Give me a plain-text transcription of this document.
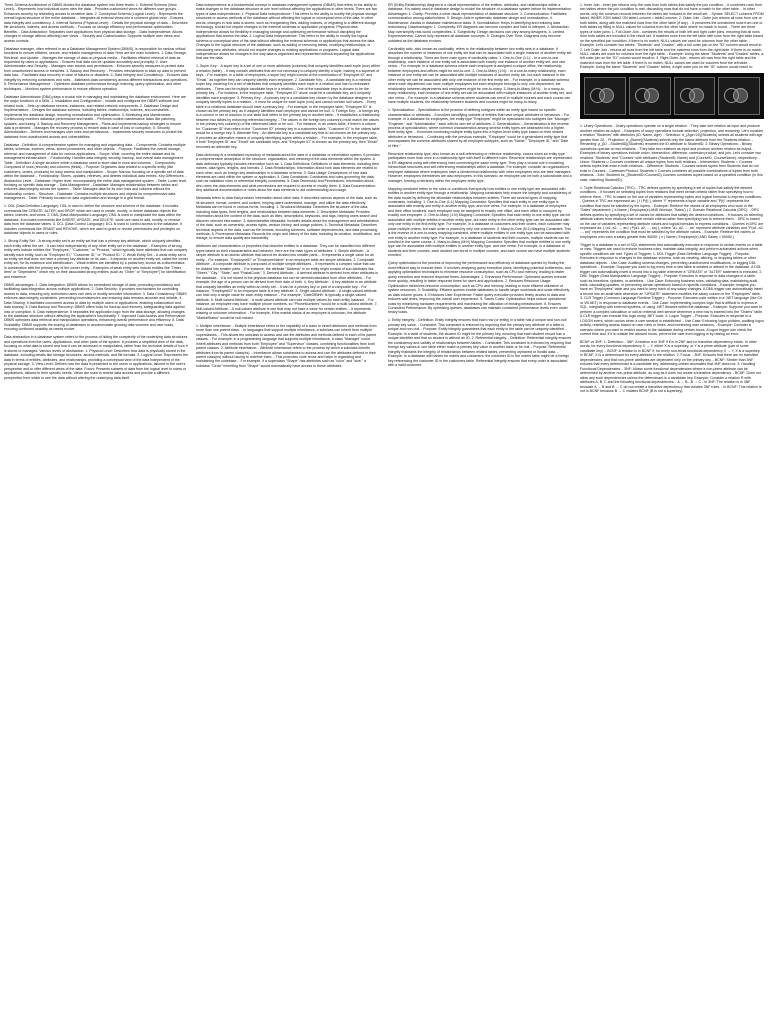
Three-Schema Architecture of DBMS divides the database system into three levels: 1. External Schema (View Level): - Represents how individual users view the data. - Provides customized views for different user groups. - Enhances security by restricting access to sensitive data. 2. Conceptual Schema (Logical Level): - Represents the overall logical structure of the entire database. - Integrates all external views into a coherent global view. - Ensures data integrity and consistency. 3. Internal Schema (Physical Level): - Details the physical storage of data. - Describes file structures, indexes, and access methods. - Focuses on storage efficiency and performance optimization. Benefits: - Data Abstraction: Separates user applications from physical data storage. - Data Independence: Allows changes in storage without affecting user views. - Security and Customization: Supports multiple user views and access controls.

Database manager, often referred to as a Database Management System (DBMS), is responsible for various critical functions to ensure efficient, secure, and reliable management of data. Here are the main functions: 1. Data Storage, Retrieval, and Update: - Manages the storage of data on physical media. - Facilitates efficient retrieval of data as requested by users or applications. - Ensures that data can be updated accurately and promptly. 2. User Administration and Security: - Manages user access and permissions. - Enforces security measures to protect data from unauthorized access or breaches. 3. Backup and Recovery: - Provides mechanisms to back up data to prevent data loss. - Facilitates data recovery in case of failures or disasters. 4. Data Integrity and Consistency: - Ensures data integrity by enforcing constraints and rules. - Maintains data consistency across different transactions and operations. 5. Performance Management: - Optimizes database performance through indexing, query optimization, and other techniques. - Monitors system performance to ensure efficient operation.

Database Administrator (DBA) plays a crucial role in managing and maintaining the database environment. Here are the major functions of a DBA: 1. Installation and Configuration: - Installs and configures the DBMS software and related tools. - Sets up database servers, instances, and related network components. 2. Database Design and Implementation: - Designs the database schema, including tables, relationships, indexes, and constraints. - Implements the database design, ensuring normalization and optimization. 3. Monitoring and Maintenance: - Continuously monitors database performance and health. - Performs routine maintenance tasks like patching, updates, and tuning. 4. Backup and Recovery Management: - Plans and implements backup strategies to ensure data is protected. - Manages the recovery process to restore data in case of loss or corruption. 5. Security Administration: - Defines and manages user roles and permissions. - Implements security measures to protect the database from unauthorized access and vulnerabilities.

Database - Definition: A comprehensive system for managing and organizing data. - Components: Contains multiple tables, schemas, indexes, views, stored procedures, and other objects. - Purpose: Facilitates the overall storage, retrieval, and management of data for various applications. - Scope: Wide, covering the entire dataset and its management infrastructure. - Functionality: Handles data integrity, security, backup, and overall data management. Table - Definition: A single structure within a database used to store data in rows and columns. - Components: Composed of rows (records) and columns (fields). - Purpose: Organizes data related to a specific entity (like customers, orders, products) for easy access and manipulation. - Scope: Narrow, focusing on a specific set of data within the database. - Functionality: Stores, updates, retrieves, and deletes individual data entries. Key Differences: - Abstraction Level: - Database: Higher level, encompassing the entire data management system. - Table: Lower level, focusing on specific data storage. - Data Management: - Database: Manages relationships between tables and enforces data integrity across the system. - Table: Manages data for its own rows and columns without the relationship context. - Structure: - Database: Contains multiple structures and objects for comprehensive data management. - Table: Primarily focused on data organization and storage in a grid format.

1. DDL (Data Definition Language): DDL is used to define the structure and schema of the database. It includes commands like CREATE, ALTER, and DROP, which are used to create, modify, or delete database objects like tables, indexes, and views. 2. DML (Data Manipulation Language): DML is used to manipulate the data within the database. It includes commands like INSERT, UPDATE, and DELETE, which are used to add, modify, or remove data from the database tables. 3. DCL (Data Control Language): DCL is used to control access to the database. It includes commands like GRANT and REVOKE, which are used to grant or revoke permissions and privileges on database objects to users or roles.

1. Strong Entity Set: - A strong entity set is an entity set that has a primary key attribute, which uniquely identifies each entity within the set. - It can exist independently of any other entity set in the database. - Examples of strong entity sets include entities like "Employee," "Customer," or "Product," which typically have attributes that can uniquely identify each entity, such as "Employee ID," "Customer ID," or "Product ID." 2. Weak Entity Set: - A weak entity set is an entity set that does not have a primary key attribute on its own. - It depends on another entity set, called the owner entity set, for its existence and identification. - Weak entities are identified by a partial key, known as a discriminator, in combination with the primary key of the owner entity. - Examples of weak entity sets include entities like "Order Item" or "Dependent," which rely on their associated strong entities (such as "Order" or "Employee") for identification and existence.

DBMS advantages: 1. Data Integration: DBMS allows for centralized storage of data, promoting consistency and facilitating data integration across multiple applications. 2. Data Security: It provides mechanisms for controlling access to data, ensuring only authorized users can view or modify sensitive information. 3. Data Consistency: DBMS enforces data integrity constraints, preventing inconsistencies and ensuring data remains accurate and reliable. 4. Data Sharing: It facilitates concurrent access to data by multiple users or applications, enabling collaboration and data sharing. 5. Data Backup and Recovery: DBMS offers tools for backup and recovery, safeguarding data against loss or corruption. 6. Data Independence: It separates the application logic from the data storage, allowing changes to the database structure without affecting the application's functionality. 7. Improved Data Access and Performance: DBMS optimizes data retrieval and manipulation operations, enhancing overall performance and efficiency. 8. Data Scalability: DBMS supports the scaling of databases to accommodate growing data volumes and user loads, ensuring continued usability as needs evolve.

Data abstraction in a database system refers to the process of hiding the complexity of the underlying data structures and operations from the users, applications, and other parts of the system. It provides a simplified view of the data, focusing on what data is stored and how it can be accessed or manipulated, rather than the technical details of how it is stored or managed. Various levels of abstraction: 1. Physical Level: Describes how data is physically stored in the database, including details like storage structures, access methods, and file formats. 2. Logical Level: Represents the data in terms of entities, attributes, and relationships, providing a conceptual view of the data independent of the physical storage. 3. View Level: Defines how the data is presented to the users or applications, tailored to the user's perspective and to offer different views of the data. Focus: Presents subsets of data from the logical level to users or applications, tailored to their specific needs. Views are used to restrict data access and provide a different perspective from which to see the data without altering the underlying data itself.

Data independence is a fundamental concept in database management systems (DBMS) that refers to the ability to make changes to the database structure at one level without affecting the applications in other levels. There are two types of data independence: 1. Physical Data Independence: This refers to the ability to modify the physical storage structures or access methods of the database without affecting the logical or conceptual view of the data. In other words, changes in how data is stored, such as reorganizing files, adding indexes, or migrating to a different storage technology, should not require changes to the external schemas or application programs. Physical data independence allows for flexibility in managing storage and optimizing performance without disrupting the applications that access the data. 2. Logical Data Independence: This refers to the ability to modify the logical schema or conceptual view of the data without affecting the external schemas or applications that access the data. Changes to the logical structure of the database, such as adding or removing tables, modifying relationships, or introducing new attributes, should not require changes to existing applications or programs. Logical data independence allows for changes in the way data is organized and represented without impacting the applications that use the data.

1. Super Key: - A super key is a set of one or more attributes (columns) that uniquely identifies each tuple (row) within a relation (table). - It may contain attributes that are not necessary to uniquely identify a tuple, making it a superset of keys. - For example, in a table of employees, a super key might consist of the combination of "Employee ID" and "Email," as together they can uniquely identify each employee. 2. Candidate Key: - A candidate key is a minimal super key, meaning it is a set of attributes that uniquely identifies each tuple in a relation and has no redundant attributes. - There can be multiple candidate keys in a relation. - One of the candidate keys is chosen to be the primary key. - For instance, in the employee table, "Employee ID" alone could be a candidate key, as it uniquely identifies each employee. 3. Primary Key: - A primary key is a candidate key chosen by the database designer to uniquely identify tuples in a relation. - It must be unique for each tuple (row) and cannot contain null values. - Every table in a relational database should have a primary key. - For example, in the employee table, "Employee ID" is chosen as the primary key, as it uniquely identifies each employee and cannot be null. 4. Foreign Key: - A foreign key is a column or set of columns in one table that refers to the primary key in another table. - It establishes a relationship between two tables by enforcing referential integrity. - The values in the foreign key column(s) must match the values in the primary key column(s) of the referenced table or be null. - For instance, in an orders table, if there's a column for "Customer ID" that refers to the "Customer ID" primary key in a customers table, "Customer ID" in the orders table would be a foreign key. 5. Alternate Key: - An alternate key is a candidate key that is not chosen as the primary key. - It provides an alternative means of uniquely identifying tuples within a relation. - For example, in the employee table, if both "Employee ID" and "Email" are candidate keys, and "Employee ID" is chosen as the primary key, then "Email" becomes an alternate key.

Data dictionary is a centralized repository of metadata about the data in a database or information system. It provides a comprehensive description of the structure, organization, and meaning of the data elements within the system. A data dictionary typically includes information such as: 1. Data Definitions: Definitions of data elements, including their names, data types, lengths, and formats. 2. Data Relationships: Information about how data elements are related to each other, such as foreign key relationships in a database schema. 3. Data Usage: Descriptions of how data elements are used within the system or application. 4. Data Constraints: Constraints and rules governing the data, such as validation rules or referential integrity constraints. 5. Data Ownership and Permissions: Information about who owns the data elements and what permissions are required to access or modify them. 6. Data Documentation: Any additional documentation or notes about the data elements to aid understanding and usage.

Metadata refers to data that provides information about other data. It describes various aspects of the data, such as its structure, format, content, and context, helping users understand, manage, and utilize the data effectively. Metadata can be found in various forms, including: 1. Structural Metadata: Describes the structure of the data, including data types, field lengths, and relationships between data elements. 2. Descriptive Metadata: Provides information about the content of the data, such as titles, descriptions, keywords, and tags, helping users search and discover relevant information. 3. Administrative Metadata: Includes details about the management and administration of the data, such as ownership, access rights, version history, and usage policies. 4. Technical Metadata: Describes technical aspects of the data, such as file formats, encoding schemes, software dependencies, and data processing methods. 5. Provenance Metadata: Records the origin and history of the data, including its creation, modification, and lineage, to ensure data quality and traceability.

Attributes are characteristics or properties that describe entities in a database. They can be classified into different types based on their characteristics and behavior. Here are the main types of attributes: 1. Simple Attribute: - A simple attribute is an atomic attribute that cannot be divided into smaller parts. - It represents a single value for an entity. - For example, "EmployeeID" or "EmployeeName" in an employee table are simple attributes. 2. Composite Attribute: - A composite attribute is composed of multiple simple attributes. - It represents a complex value that can be divided into smaller parts. - For instance, the attribute "Address" in an entity might consist of sub-attributes like "Street," "City," "State," and "PostalCode." 3. Derived Attribute: - A derived attribute is derived from other attributes in the database. - It is not stored in the physical database but can be derived/calculated from other attributes. - For example, the age of a person can be derived from their date of birth. 4. Key Attribute: - A key attribute is an attribute that uniquely identifies an entity within an entity set. - It can be a primary key or part of a composite key. - For instance, "EmployeeID" in an employee table is a key attribute. 5. Single-valued Attribute: - A single-valued attribute can hold only a single value for each entity instance. - For example, "DateOfBirth" is typically a single-valued attribute. 6. Multi-valued Attribute: - A multi-valued attribute can hold multiple values for each entity instance. - For instance, an employee may have multiple phone numbers, so "PhoneNumbers" would be a multi-valued attribute. 7. Null-valued Attribute: - A null-valued attribute is one that may not have a value for certain entities. - It represents missing or unknown information. - For example, if the marital status of an employee is unknown, the attribute "MaritalStatus" would be null-valued.

1. Multiple inheritance: - Multiple inheritance refers to the capability of a class to inherit attributes and methods from more than one parent class. - In languages that support multiple inheritance, a subclass can inherit from multiple superclasses. - This allows the subclass to access and use the attributes and methods defined in each of its parent classes. - For example, in a programming language that supports multiple inheritance, a class "Manager" could inherit attributes and methods from both "Employee" and "Supervisor" classes, combining functionalities from both parent classes. 2. Attribute inheritance: - Attribute inheritance refers to the process by which a subclass inherits attributes from its parent class(es). - Inheritance allows subclasses to access and use the attributes defined in their parent class(es) without having to redefine them. - This promotes code reuse and helps in organizing and maintaining the codebase. - For example, if a superclass "Shape" has attributes such as "color" and "size," a subclass "Circle" inheriting from "Shape" would automatically have access to these attributes.

ER (Entity-Relationship) diagram is a visual representation of the entities, attributes, and relationships within a database. It is widely used in database design to model the structure of a database system before its implementation. Advantages: 1. Clarity: Provides a clear visual representation of database structure. 2. Communication: Facilitates communication among stakeholders. 3. Design: Aids in systematic database design and normalization. 4. Maintenance: Assists in database maintenance tasks. 5. Normalization: Helps in identifying and reducing data redundancy. Disadvantages: 1. Complexity: ER diagrams can become complex and hard to interpret. 2. Abstraction: May oversimplify real-world complexities. 3. Subjectivity: Design decisions can vary among designers. 4. Limited Expressiveness: Cannot fully represent all database concepts. 5. Changes Over Time: Diagrams may become outdated as the database evolves.

Cardinality ratio, also known as cardinality, refers to the relationship between two entity sets in a database. It describes the number of instances of one entity set that can be associated with a single instance of another entity set through a relationship. There are three main types of cardinality ratios: 1. One-to-One (1:1): - In a one-to-one relationship, each instance of one entity set is associated with exactly one instance of another entity set, and vice versa. - For example, in a database schema where each employee is assigned a unique office, the relationship between employees and offices might be one-to-one. 2. One-to-Many (1:N): - In a one-to-many relationship, each instance of one entity set can be associated with multiple instances of another entity set, but each instance in the other entity set can be associated with only one instance of the first entity set. - For example, in a database schema where each department can have multiple employees but each employee belongs to only one department, the relationship between departments and employees might be one-to-many. 3. Many-to-Many (M:N): - In a many-to-many relationship, each instance of one entity set can be associated with multiple instances of another entity set, and vice versa. - For example, in a database schema where students can enroll in multiple courses and each course can have multiple students, the relationship between students and courses might be many-to-many.

1. Specialization: - Specialization is the process of defining subtypes within an entity type based on specific characteristics or attributes. - It involves identifying subsets of entities that have unique attributes or behaviors. - For example, in a database for employees, the entity type "Employee" might be specialized into subtypes like "Manager," "Engineer," and "Administrator," each with its own set of attributes. 2. Generalization: - Generalization is the reverse process of specialization, where common characteristics among several entity types are abstracted into a higher-level entity type. - It involves combining multiple entity types into a higher-level entity type based on their shared attributes or behaviors. - Continuing with the previous example, "Employee" could be a generalized entity type that encompasses the common attributes shared by all employee subtypes, such as "Name," "Employee ID," and "Date of Hire."

Recursive relationship type, also known as a self-referencing or reflexive relationship, occurs when an entity type participates more than once in a relationship type with itself in different roles. Recursive relationships are represented in ER diagrams using self-referencing lines connecting the same entity type. They play a crucial role in modeling hierarchical structures and self-referencing relationships within a database. For example, consider an organization's employee database where employees have a hierarchical relationship with other employees who are their managers. However, employees themselves are also employees. In this scenario, an employee can be both a subordinate and a manager, forming a hierarchy within the employee entity type.

Mapping constraint refers to the rules or conditions that specify how entities in one entity type are associated with entities in another entity type through a relationship. Mapping constraints help ensure the integrity and consistency of the data model by defining the allowable relationships between entities. There are several types of mapping constraints, including: 1. One-to-One (1:1) Mapping Constraint: Specifies that each entity in one entity type is associated with exactly one entity in another entity type, and vice versa. For example, in a database of employees and their office locations, each employee may be assigned to exactly one office, and each office is occupied by exactly one employee. 2. One-to-Many (1:N) Mapping Constraint: Specifies that each entity in one entity type can be associated with multiple entities in another entity type, but each entity in the other entity type can be associated with only one entity in the first entity type. For example, in a database of customers and their orders, each customer may place multiple orders, but each order is placed by only one customer. 3. Many-to-One (N:1) Mapping Constraint: This is the reverse of a one-to-many mapping constraint, where multiple entities in one entity type can be associated with one entity in another entity type. For example, in a database of students and their courses, multiple students can be enrolled in the same course. 4. Many-to-Many (M:N) Mapping Constraint: Specifies that multiple entities in one entity type can be associated with multiple entities in another entity type, and vice versa. For example, in a database of students and their courses, each student can enroll in multiple courses, and each course can have multiple students enrolled.

Query optimization is the process of improving the performance and efficiency of database queries by finding the most efficient way to execute them. It involves analyzing query execution plans, identifying potential bottlenecks, and applying optimization techniques to minimize resource consumption, such as CPU and memory, leading to faster query execution and reduced response times. Advantages: 1. Enhanced Performance: Optimized queries execute more quickly, resulting in faster response times for users and applications. 2. Reduces Resource Usage: Optimization minimizes resource consumption, such as CPU and memory, leading to more efficient utilization of system resources. 3. Scalability: Efficient queries enable databases to handle larger workloads and scale effectively as data volume grows. 4. Enhances User Experience: Faster query execution provides timely access to data and reduces wait times, improving the overall user experience. 5. Saves Costs: Optimization helps reduce operational costs by minimizing hardware requirements and maximizing the utilization of existing infrastructure. 6. Ensures Consistent Performance: By optimizing queries, databases can maintain consistent performance levels even under heavy loads.

1. Entity integrity: - Definition: Entity integrity ensures that each row (or entity) in a table has a unique and non-null primary key value. - Constraint: This constraint is enforced by requiring that the primary key attribute of a table is unique and non-null. - Purpose: Entity integrity guarantees that each entity in the table can be uniquely identified. - Example: In a table of students, the student ID might be the primary key, ensuring that each student record has a unique identifier and that no student is without an ID. 2. Referential integrity: - Definition: Referential integrity ensures the consistency and validity of relationships between tables. - Constraint: This constraint is enforced by requiring that foreign key values in one table either match a primary key value in another table or be null. - Purpose: Referential integrity maintains the integrity of relationships between related tables, preventing orphaned or invalid data. - Example: In a database with tables for orders and customers, the customer ID in the orders table might be a foreign key referencing the customer ID in the customers table. Referential integrity ensures that every order is associated with a valid customer.

1. Inner Join - Inner join returns only the rows from both tables that satisfy the join condition. - It combines rows from two tables where the join condition is met, discarding rows that do not have a match in the other table. - In other words, only the common records between the tables are included in the result set. - Syntax: SELECT columns FROM table1 INNER JOIN table2 ON table1.column = table2.column; 2. Outer Join - Outer join returns all rows from one or both tables, along with the matched rows from the other table (if any). - It preserves the unmatched rows from one or both tables by filling in NULL values for columns from the other table where no match is found. - There are three types of outer joins: 1. Full Outer Join - combines the results of both left and right outer joins, ensuring that all rows from both tables are included in the result set. It matches rows from the left table with rows from the right table based on the specified join condition. If there is no match, NULL values are used for columns from the other table. - Example: Let's consider two tables: "Students" and "Grades", with a full outer join on the "ID" column would result in: 2. Left Outer Join - returns all rows from the left table and the matched rows from the right table. If there is no match, NULL values are used for columns from the right table. - Example: Using the same "Students" and "Grades" tables, a left outer join on the "ID" column would result in: 3. Right Outer Join - returns all rows from the right table and the matched rows from the left table. If there is no match, NULL values are used for columns from the left table. - Example: Using the same "Students" and "Grades" tables, a right outer join on the "ID" column would result in:

1. Unary Operations: - Unary operations operate on a single relation. - They take one relation as input and produce another relation as output. - Examples of unary operations include selection, projection, and renaming. Let's consider a relation "Students" with attributes (ID, Name, Age): - Selection: σ_{Age>20}(Students) selects all students with age greater than 20. - Projection: π_{Name}(Students) selects only the Name attribute from the Students relation. - Renaming: ρ_{ID→StudentID}(Students) renames the ID attribute to StudentID. 2. Binary Operations: - Binary operations operate on two relations. - They take two relations as input and produce another relation as output. - Examples of binary operations include union, intersection, difference, cartesian product, and join. Let's consider two relations "Students" and "Courses" with attributes (StudentID, Name) and (CourseID, CourseName), respectively: - Union: Students ∪ Courses combines all unique tuples from both relations. - Intersection: Students ∩ Courses selects tuples that exist in both relations. - Difference: Students - Courses selects tuples from Students that do not exist in Courses. - Cartesian Product: Students × Courses combines all possible combinations of tuples from both relations. - Join: Students ⋈_{StudentID=CourseID} Courses combines tuples based on a specified condition (in this case, matching StudentID).

1. Tuple Relational Calculus (TRC): - TRC defines queries by specifying a set of tuples that satisfy the desired conditions. - It focuses on selecting tuples from relations that meet certain criteria rather than specifying how to retrieve them. - TRC is based on the use of variables representing tuples and logical formulas to express conditions. - Queries in TRC are expressed as: { t | P(t) }, where "t" represents a tuple variable and "P(t)" represents the condition that must be satisfied by the tuples. - Example: Retrieve the names of all employees who work in the "Sales" department: { e.Name | Employee(e) AND Works(e, 'Sales') } 2. Domain Relational Calculus (DRC): - DRC defines queries by specifying a set of values for attributes that satisfy the desired conditions. - It focuses on selecting attribute values from relations that meet certain criteria rather than specifying how to retrieve them. - DRC is based on the use of variables representing attribute values and logical formulas to express conditions. - Queries in DRC are expressed as: { ⟨a1, a2, ..., an⟩ | P(a1, a2, ..., an) }, where "a1, a2, ..., an" represent attribute variables and "P(a1, a2, ..., an)" represents the condition that must be satisfied by the attribute values. - Example: Retrieve the names of employees who earn a salary greater than 50000: { n | Name | Employee(e) AND Salary > 50000 }

Trigger in a database is a set of SQL statements that automatically executes in response to certain events on a table or view. Triggers are used to enforce business rules, maintain data integrity, and perform automated actions when specific conditions are met. Types of Triggers: 1. DDL Trigger (Data Definition Language Trigger): - Purpose: Executes in response to changes in the database schema, such as creating, altering, or dropping tables or other database objects. - Use Case: Auditing schema changes, preventing unauthorized modifications, or logging DDL operations. - Example: Suppose you want to log every time a new table is created or altered in the database. A DDL trigger can automatically insert a record into a log table whenever a "CREATE" or "ALTER" statement is executed. 2. DML Trigger (Data Manipulation Language Trigger): - Purpose: Executes in response to data changes in a table, such as insertions, updates, or deletions. - Use Case: Enforcing business rules, validating data, maintaining audit trails, cascading updates, or preventing certain operations based on specific conditions. - Example: Imagine you have an "Employees" table and you want to keep track of any salary changes. A DML trigger can automatically insert a record into an audit table whenever an "UPDATE" statement modifies the salary column in the "Employees" table. 3. CLR Trigger (Common Language Runtime Trigger): - Purpose: Executes code written in a .NET language (like C# or VB.NET) in response to database events. - Use Case: Implementing complex logic that is difficult to express in SQL, integrating with external systems, or using .NET libraries within the database. - Example: Suppose you want to perform a complex calculation or call an external web service whenever a new row is inserted into the "Orders" table. A CLR trigger can execute this logic using .NET code. 4. Logon Trigger: - Purpose: Executes in response to a LOGON event, which occurs when a user session is established. - Use Case: Enforcing logon policies, auditing logon activity, restricting access based on user roles or times, and monitoring user sessions. - Example: Consider a scenario where you want to restrict access to the database during certain hours. A logon trigger can check the current time and, if it is outside the allowed hours, prevent the user from logging in by raising an error.

BCNF vs 3NF: 1. Definition: - 3NF: A relation is in 3NF if it is in 2NF and no transitive dependency exists. In other words, for every functional dependency X → Y, either X is a superkey, or Y is a prime attribute (part of some candidate key). - BCNF: A relation is in BCNF if, for every non-trivial functional dependency X → Y, X is a superkey. In BCNF, X is a determinant for every attribute in the relation. 2. Focus: - 3NF: Ensures that there are no transitive dependencies, and that non-prime attributes are dependent only on the primary key. - BCNF: Stricter than 3NF, ensures that every determinant is a candidate key, addressing certain anomalies that 3NF does not. 3. Handling Functional Dependencies: - 3NF: Allows some functional dependencies where a non-prime attribute can be determined by another non-prime attribute, as long as it does not create a transitive dependency. - BCNF: Does not allow any such dependencies unless the determinant is a candidate key. Example: Consider a relation R with attributes A, B, C and the following functional dependencies: - A → B - B → C - In 3NF: The relation is in 3NF because A → B and B → C do not create a transitive dependency that violates 3NF rules. - In BCNF: This relation is not in BCNF because B → C violates BCNF (B is not a superkey).
